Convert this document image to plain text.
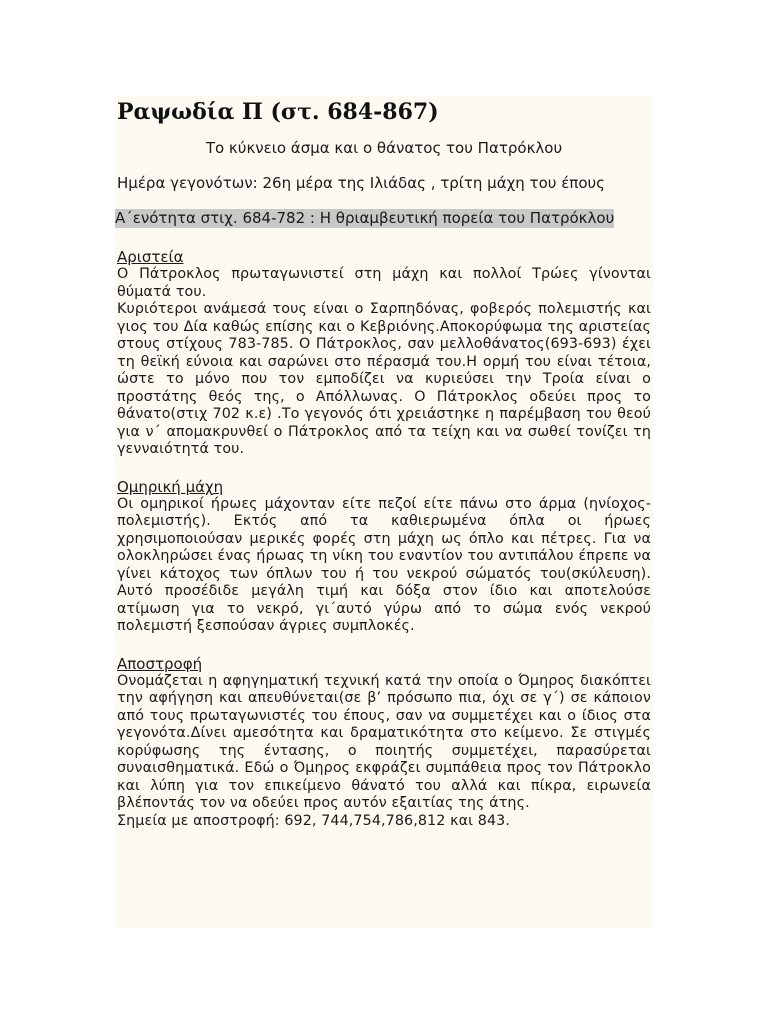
Ραψωδία Π (στ. 684-867)

Το κύκνειο άσμα και ο θάνατος του Πατρόκλου

Ημέρα γεγονότων: 26η μέρα της Ιλιάδας , τρίτη μάχη του έπους

Α΄ενότητα στιχ. 684-782 : Η θριαμβευτική πορεία του Πατρόκλου

Αριστεία

Ο Πάτροκλος πρωταγωνιστεί στη μάχη και πολλοί Τρώες γίνονται θύματά του.

Κυριότεροι ανάμεσά τους είναι ο Σαρπηδόνας, φοβερός πολεμιστής και γιος του Δία καθώς επίσης και ο Κεβριόνης.Αποκορύφωμα της αριστείας στους στίχους 783-785. Ο Πάτροκλος, σαν μελλοθάνατος(693-693) έχει τη θεϊκή εύνοια και σαρώνει στο πέρασμά του.Η ορμή του είναι τέτοια, ώστε το μόνο που τον εμποδίζει να κυριεύσει την Τροία είναι ο προστάτης θεός της, ο Απόλλωνας. Ο Πάτροκλος οδεύει προς το θάνατο(στιχ 702 κ.ε) .Το γεγονός ότι χρειάστηκε η παρέμβαση του θεού για ν΄ απομακρυνθεί ο Πάτροκλος από τα τείχη και να σωθεί τονίζει τη γενναιότητά του.

Ομηρική μάχη

Οι ομηρικοί ήρωες μάχονταν είτε πεζοί είτε πάνω στο άρμα (ηνίοχος-πολεμιστής). Εκτός από τα καθιερωμένα όπλα οι ήρωες χρησιμοποιούσαν μερικές φορές στη μάχη ως όπλο και πέτρες. Για να ολοκληρώσει ένας ήρωας τη νίκη του εναντίον του αντιπάλου έπρεπε να γίνει κάτοχος των όπλων του ή του νεκρού σώματός του(σκύλευση). Αυτό προσέδιδε μεγάλη τιμή και δόξα στον ίδιο και αποτελούσε ατίμωση για το νεκρό, γι΄αυτό γύρω από το σώμα ενός νεκρού πολεμιστή ξεσπούσαν άγριες συμπλοκές.

Αποστροφή

Ονομάζεται η αφηγηματική τεχνική κατά την οποία ο Όμηρος διακόπτει την αφήγηση και απευθύνεται(σε β’ πρόσωπο πια, όχι σε γ΄) σε κάποιον από τους πρωταγωνιστές του έπους, σαν να συμμετέχει και ο ίδιος στα γεγονότα.Δίνει αμεσότητα και δραματικότητα στο κείμενο. Σε στιγμές κορύφωσης της έντασης, ο ποιητής συμμετέχει, παρασύρεται συναισθηματικά. Εδώ ο Όμηρος εκφράζει συμπάθεια προς τον Πάτροκλο και λύπη για τον επικείμενο θάνατό του αλλά και πίκρα, ειρωνεία βλέποντάς τον να οδεύει προς αυτόν εξαιτίας της άτης.

Σημεία με αποστροφή: 692, 744,754,786,812 και 843.
